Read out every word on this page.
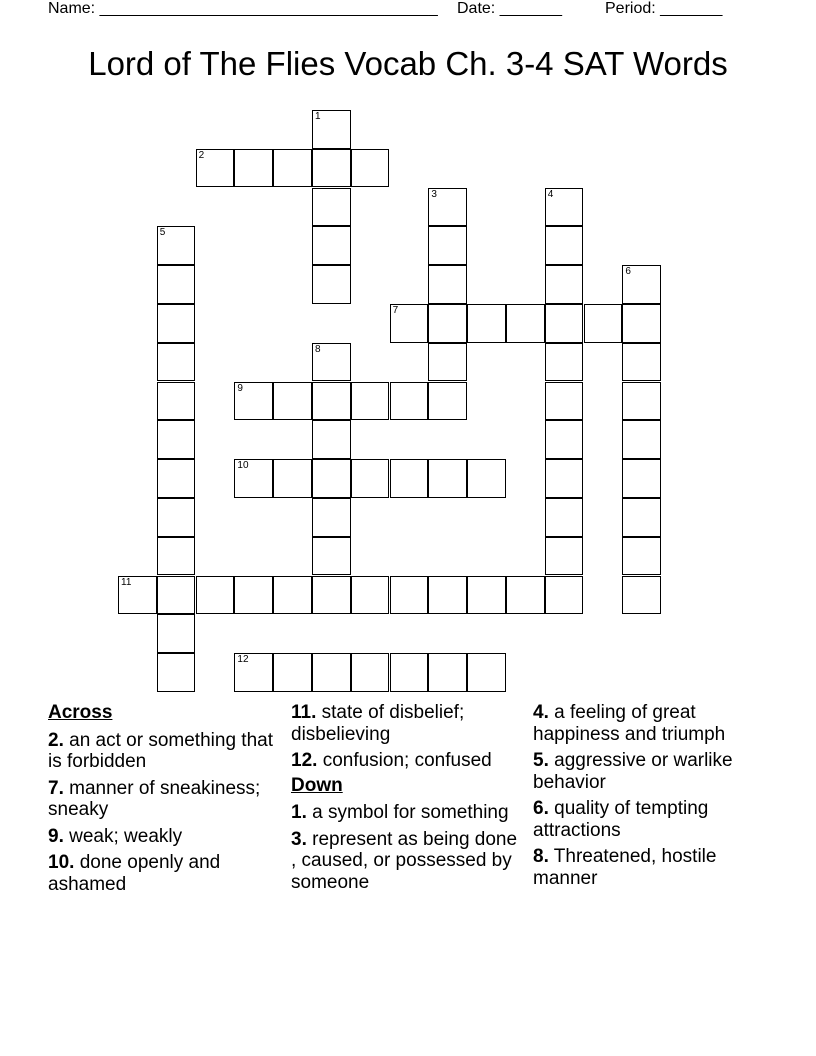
Name: ______________________________________ Date: _______	Period: _______
Lord of The Flies Vocab Ch. 3-4 SAT Words
1
2
3	4
5
6
7
8
9
10
11
12
Across
2. an act or something that is forbidden
7. manner of sneakiness; sneaky
9. weak; weakly
10. done openly and ashamed
11. state of disbelief; disbelieving
12. confusion; confused
Down
1. a symbol for something
3. represent as being done , caused, or possessed by someone
4. a feeling of great happiness and triumph
5. aggressive or warlike behavior
6. quality of tempting attractions
8. Threatened, hostile manner
